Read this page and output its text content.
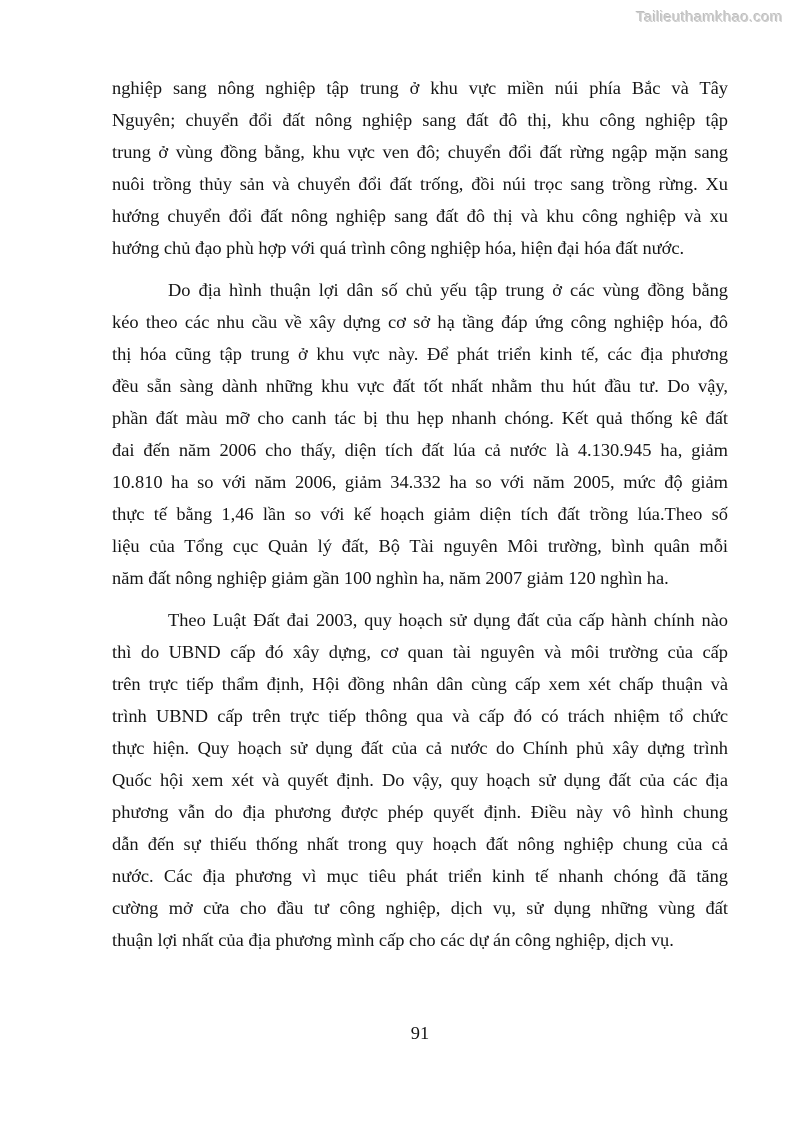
Tailieuthamkhao.com
nghiệp sang nông nghiệp tập trung ở khu vực miền núi phía Bắc và Tây
Nguyên; chuyển đổi đất nông nghiệp sang đất đô thị, khu công nghiệp tập
trung ở vùng đồng bằng, khu vực ven đô; chuyển đổi đất rừng ngập mặn sang
nuôi trồng thủy sản và chuyển đổi đất trống, đồi núi trọc sang trồng rừng. Xu
hướng chuyển đổi đất nông nghiệp sang đất đô thị và khu công nghiệp và xu
hướng chủ đạo phù hợp với quá trình công nghiệp hóa, hiện đại hóa đất nước.
Do địa hình thuận lợi dân số chủ yếu tập trung ở các vùng đồng bằng
kéo theo các nhu cầu về xây dựng cơ sở hạ tầng đáp ứng công nghiệp hóa, đô
thị hóa cũng tập trung ở khu vực này. Để phát triển kinh tế, các địa phương
đều sẵn sàng dành những khu vực đất tốt nhất nhằm thu hút đầu tư. Do vậy,
phần đất màu mỡ cho canh tác bị thu hẹp nhanh chóng. Kết quả thống kê đất
đai đến năm 2006 cho thấy, diện tích đất lúa cả nước là 4.130.945 ha, giảm
10.810 ha so với năm 2006, giảm 34.332 ha so với năm 2005, mức độ giảm
thực tế bằng 1,46 lần so với kế hoạch giảm diện tích đất trồng lúa.Theo số
liệu của Tổng cục Quản lý đất, Bộ Tài nguyên Môi trường, bình quân mỗi
năm đất nông nghiệp giảm gần 100 nghìn ha, năm 2007 giảm 120 nghìn ha.
Theo Luật Đất đai 2003, quy hoạch sử dụng đất của cấp hành chính nào
thì do UBND cấp đó xây dựng, cơ quan tài nguyên và môi trường của cấp
trên trực tiếp thẩm định, Hội đồng nhân dân cùng cấp xem xét chấp thuận và
trình UBND cấp trên trực tiếp thông qua và cấp đó có trách nhiệm tổ chức
thực hiện. Quy hoạch sử dụng đất của cả nước do Chính phủ xây dựng trình
Quốc hội xem xét và quyết định. Do vậy, quy hoạch sử dụng đất của các địa
phương vẫn do địa phương được phép quyết định. Điều này vô hình chung
dẫn đến sự thiếu thống nhất trong quy hoạch đất nông nghiệp chung của cả
nước. Các địa phương vì mục tiêu phát triển kinh tế nhanh chóng đã tăng
cường mở cửa cho đầu tư công nghiệp, dịch vụ, sử dụng những vùng đất
thuận lợi nhất của địa phương mình cấp cho các dự án công nghiệp, dịch vụ.
91
